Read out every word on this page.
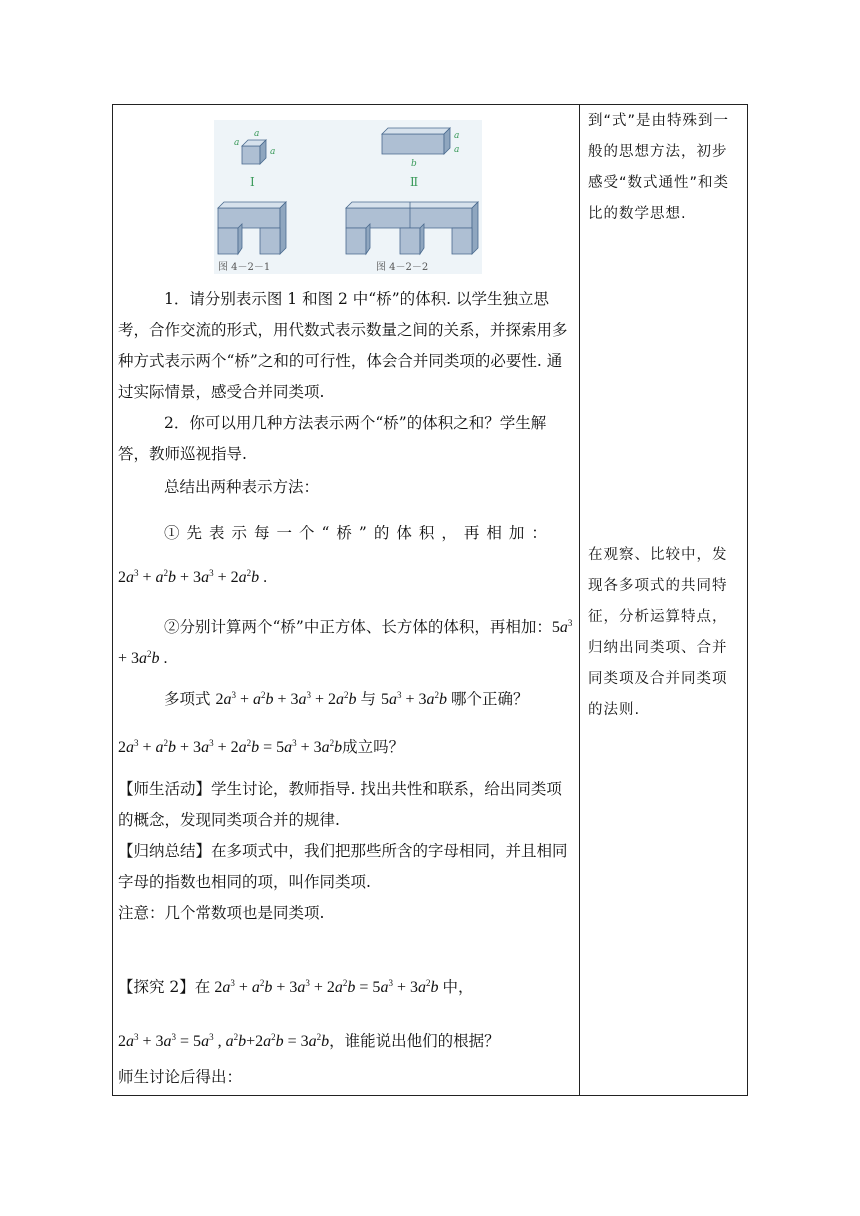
a
a
a
Ⅰ
b
a
a
Ⅱ
图 4－2－1	图 4－2－2

1．请分别表示图 1 和图 2 中“桥”的体积. 以学生独立思考，合作交流的形式，用代数式表示数量之间的关系，并探索用多种方式表示两个“桥”之和的可行性，体会合并同类项的必要性. 通过实际情景，感受合并同类项.

2．你可以用几种方法表示两个“桥”的体积之和？学生解答，教师巡视指导.

总结出两种表示方法：

①先表示每一个“桥”的体积，再相加：

$2a^3 + a^2b + 3a^3 + 2a^2b$ .

②分别计算两个“桥”中正方体、长方体的体积，再相加：$5a^3 + 3a^2b$ .

多项式 $2a^3 + a^2b + 3a^3 + 2a^2b$ 与 $5a^3 + 3a^2b$ 哪个正确？

$2a^3 + a^2b + 3a^3 + 2a^2b = 5a^3 + 3a^2b$成立吗？

【师生活动】学生讨论，教师指导. 找出共性和联系，给出同类项的概念，发现同类项合并的规律.

【归纳总结】在多项式中，我们把那些所含的字母相同，并且相同字母的指数也相同的项，叫作同类项.

注意：几个常数项也是同类项.

【探究 2】在 $2a^3 + a^2b + 3a^3 + 2a^2b = 5a^3 + 3a^2b$ 中，

$2a^3 + 3a^3 = 5a^3$ , $a^2b+2a^2b = 3a^2b$，谁能说出他们的根据？

师生讨论后得出：

到“式”是由特殊到一般的思想方法，初步感受“数式通性”和类比的数学思想.

在观察、比较中，发现各多项式的共同特征，分析运算特点，归纳出同类项、合并同类项及合并同类项的法则.
